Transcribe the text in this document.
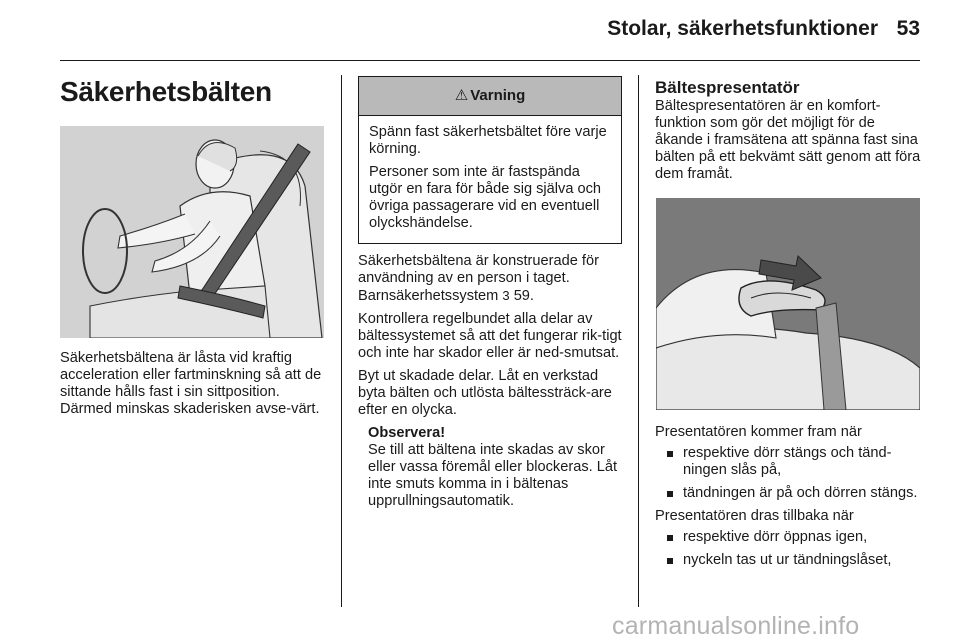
Stolar, säkerhetsfunktioner 53
Säkerhetsbälten

Säkerhetsbältena är låsta vid kraftig acceleration eller fartminskning så att de sittande hålls fast i sin sittposition. Därmed minskas skaderisken avse-värt.

⚠ Varning

Spänn fast säkerhetsbältet före varje körning.

Personer som inte är fastspända utgör en fara för både sig själva och övriga passagerare vid en eventuell olyckshändelse.

Säkerhetsbältena är konstruerade för användning av en person i taget. Barnsäkerhetssystem 3 59.

Kontrollera regelbundet alla delar av bältessystemet så att det fungerar rik-tigt och inte har skador eller är ned-smutsat.

Byt ut skadade delar. Låt en verkstad byta bälten och utlösta bältessträck-are efter en olycka.

Observera!
Se till att bältena inte skadas av skor eller vassa föremål eller blockeras. Låt inte smuts komma in i bältenas upprullningsautomatik.
Bältespresentatör

Bältespresentatören är en komfort-funktion som gör det möjligt för de åkande i framsätena att spänna fast sina bälten på ett bekvämt sätt genom att föra dem framåt.

Presentatören kommer fram när

respektive dörr stängs och tänd-ningen slås på,
tändningen är på och dörren stängs.

Presentatören dras tillbaka när

respektive dörr öppnas igen,
nyckeln tas ut ur tändningslåset,
carmanualsonline.info
